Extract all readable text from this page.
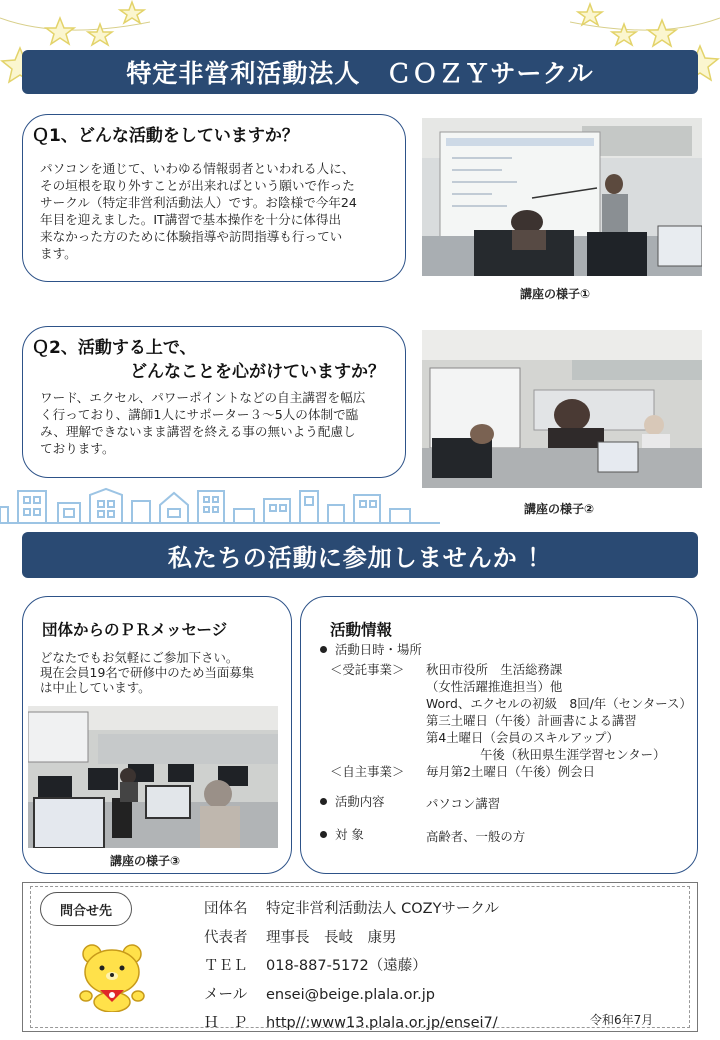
特定非営利活動法人　ＣＯＺＹサークル
Ｑ1、どんな活動をしていますか？
パソコンを通じて、いわゆる情報弱者といわれる人に、
その垣根を取り外すことが出来ればという願いで作った
サークル（特定非営利活動法人）です。お陰様で今年24
年目を迎えました。IT講習で基本操作を十分に体得出
来なかった方のために体験指導や訪問指導も行ってい
ます。
講座の様子①
Ｑ2、活動する上で、
どんなことを心がけていますか？
ワード、エクセル、パワーポイントなどの自主講習を幅広
く行っており、講師1人にサポーター３～5人の体制で臨
み、理解できないまま講習を終える事の無いよう配慮し
ております。
講座の様子②
私たちの活動に参加しませんか ！
団体からのＰＲメッセージ
どなたでもお気軽にご参加下さい。
現在会員19名で研修中のため当面募集
は中止しています。
講座の様子③
活動情報
活動日時・場所
＜受託事業＞ 秋田市役所　生活総務課
（女性活躍推進担当）他
Word、エクセルの初級　8回/年（センタース）
第三土曜日（午後）計画書による講習
第4土曜日（会員のスキルアップ）
午後（秋田県生涯学習センター）
＜自主事業＞ 毎月第2土曜日（午後）例会日
活動内容	パソコン講習
対 象	高齢者、一般の方
問合せ先	団体名 特定非営利活動法人 COZYサークル
代表者 理事長　長岐　康男
ＴＥＬ 018-887-5172（遠藤）
メール ensei@beige.plala.or.jp
Ｈ　Ｐ http//:www13.plala.or.jp/ensei7/	令和6年7月
